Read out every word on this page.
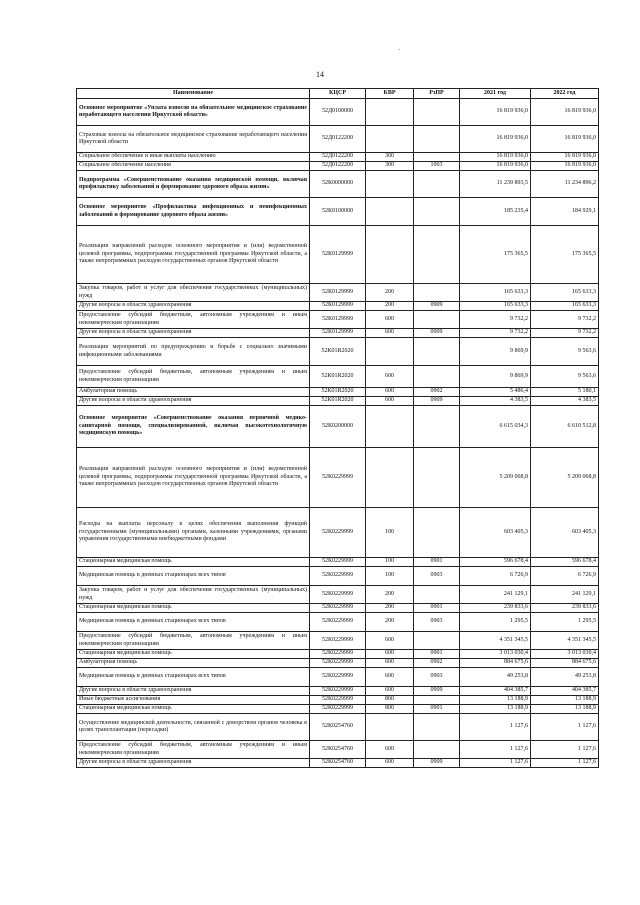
`
14
Наименование	КЦСР	КВР	РзПР	2021 год	2022 год
Основное мероприятие «Уплата взносов на обязательное медицинское страхование неработающего населения Иркутской области»	52Д0100000			16 819 936,0	16 819 936,0
Страховые взносы на обязательное медицинское страхование неработающего населения Иркутской области	52Д0122200			16 819 936,0	16 819 936,0
Социальное обеспечение и иные выплаты населению	52Д0122200	300		16 819 936,0	16 819 936,0
Социальное обеспечение населения	52Д0122200	300	1003	16 819 936,0	16 819 936,0
Подпрограмма «Совершенствование оказания медицинской помощи, включая профилактику заболеваний и формирование здорового образа жизни»	52К0000000			11 239 893,5	11 234 896,2
Основное мероприятие «Профилактика инфекционных и неинфекционных заболеваний и формирование здорового образа жизни»	52К0100000			185 235,4	184 929,1
Реализация направлений расходов основного мероприятия и (или) ведомственной целевой программы, подпрограммы государственной программы Иркутской области, а также непрограммных расходов государственных органов Иркутской области	52К0129999			175 365,5	175 365,5
Закупка товаров, работ и услуг для обеспечения государственных (муниципальных) нужд	52К0129999	200		165 633,3	165 633,3
Другие вопросы в области здравоохранения	52К0129999	200	0909	165 633,3	165 633,3
Предоставление субсидий бюджетным, автономным учреждениям и иным некоммерческим организациям	52К0129999	600		9 732,2	9 732,2
Другие вопросы в области здравоохранения	52К0129999	600	0909	9 732,2	9 732,2
Реализация мероприятий по предупреждению и борьбе с социально значимыми инфекционными заболеваниями	52К01R2020			9 869,9	9 563,6
Предоставление субсидий бюджетным, автономным учреждениям и иным некоммерческим организациям	52К01R2020	600		9 869,9	9 563,6
Амбулаторная помощь	52К01R2020	600	0902	5 486,4	5 180,1
Другие вопросы в области здравоохранения	52К01R2020	600	0909	4 383,5	4 383,5
Основное мероприятие «Совершенствование оказания первичной медико-санитарной помощи, специализированной, включая высокотехнологичную медицинскую помощь»	52К0200000			6 615 034,3	6 610 512,8
Реализация направлений расходов основного мероприятия и (или) ведомственной целевой программы, подпрограммы государственной программы Иркутской области, а также непрограммных расходов государственных органов Иркутской области	52К0229999			5 209 068,8	5 209 068,8
Расходы на выплаты персоналу в целях обеспечения выполнения функций государственными (муниципальными) органами, казенными учреждениями, органами управления государственными внебюджетными фондами	52К0229999	100		603 405,3	603 405,3
Стационарная медицинская помощь	52К0229999	100	0901	596 678,4	596 678,4
Медицинская помощь в дневных стационарах всех типов	52К0229999	100	0903	6 726,9	6 726,9
Закупка товаров, работ и услуг для обеспечения государственных (муниципальных) нужд	52К0229999	200		241 129,1	241 129,1
Стационарная медицинская помощь	52К0229999	200	0901	239 833,6	239 833,6
Медицинская помощь в дневных стационарах всех типов	52К0229999	200	0903	1 295,5	1 295,5
Предоставление субсидий бюджетным, автономным учреждениям и иным некоммерческим организациям	52К0229999	600		4 351 345,5	4 351 345,5
Стационарная медицинская помощь	52К0229999	600	0901	3 013 030,4	3 013 030,4
Амбулаторная помощь	52К0229999	600	0902	884 675,6	884 675,6
Медицинская помощь в дневных стационарах всех типов	52К0229999	600	0903	49 253,8	49 253,8
Другие вопросы в области здравоохранения	52К0229999	600	0909	404 385,7	404 385,7
Иные бюджетные ассигнования	52К0229999	800		13 188,9	13 188,9
Стационарная медицинская помощь	52К0229999	800	0901	13 188,9	13 188,9
Осуществление медицинской деятельности, связанной с донорством органов человека в целях трансплантации (пересадки)	52К0254760			1 127,6	1 127,6
Предоставление субсидий бюджетным, автономным учреждениям и иным некоммерческим организациям	52К0254760	600		1 127,6	1 127,6
Другие вопросы в области здравоохранения	52К0254760	600	0909	1 127,6	1 127,6
